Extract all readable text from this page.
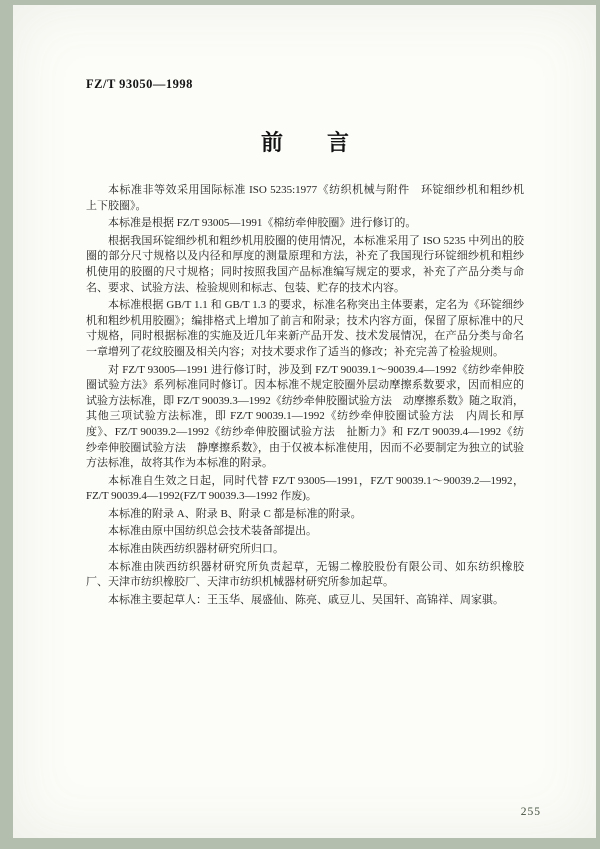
FZ/T 93050—1998
前　　言

本标准非等效采用国际标准 ISO 5235:1977《纺织机械与附件　环锭细纱机和粗纱机　上下胶圈》。

本标准是根据 FZ/T 93005—1991《棉纺牵伸胶圈》进行修订的。

根据我国环锭细纱机和粗纱机用胶圈的使用情况，本标准采用了 ISO 5235 中列出的胶圈的部分尺寸规格以及内径和厚度的测量原理和方法，补充了我国现行环锭细纱机和粗纱机使用的胶圈的尺寸规格；同时按照我国产品标准编写规定的要求，补充了产品分类与命名、要求、试验方法、检验规则和标志、包装、贮存的技术内容。

本标准根据 GB/T 1.1 和 GB/T 1.3 的要求，标准名称突出主体要素，定名为《环锭细纱机和粗纱机用胶圈》；编排格式上增加了前言和附录；技术内容方面，保留了原标准中的尺寸规格，同时根据标准的实施及近几年来新产品开发、技术发展情况，在产品分类与命名一章增列了花纹胶圈及相关内容；对技术要求作了适当的修改；补充完善了检验规则。

对 FZ/T 93005—1991 进行修订时，涉及到 FZ/T 90039.1～90039.4—1992《纺纱牵伸胶圈试验方法》系列标准同时修订。因本标准不规定胶圈外层动摩擦系数要求，因而相应的试验方法标准，即 FZ/T 90039.3—1992《纺纱牵伸胶圈试验方法　动摩擦系数》随之取消，其他三项试验方法标准，即 FZ/T 90039.1—1992《纺纱牵伸胶圈试验方法　内周长和厚度》、FZ/T 90039.2—1992《纺纱牵伸胶圈试验方法　扯断力》和 FZ/T 90039.4—1992《纺纱牵伸胶圈试验方法　静摩擦系数》，由于仅被本标准使用，因而不必要制定为独立的试验方法标准，故将其作为本标准的附录。

本标准自生效之日起，同时代替 FZ/T 93005—1991，FZ/T 90039.1～90039.2—1992，FZ/T 90039.4—1992(FZ/T 90039.3—1992 作废)。

本标准的附录 A、附录 B、附录 C 都是标准的附录。

本标准由原中国纺织总会技术装备部提出。

本标准由陕西纺织器材研究所归口。

本标准由陕西纺织器材研究所负责起草，无锡二橡胶股份有限公司、如东纺织橡胶厂、天津市纺织橡胶厂、天津市纺织机械器材研究所参加起草。

本标准主要起草人：王玉华、展盛仙、陈亮、戚豆儿、吴国轩、高锦祥、周家骐。

255
